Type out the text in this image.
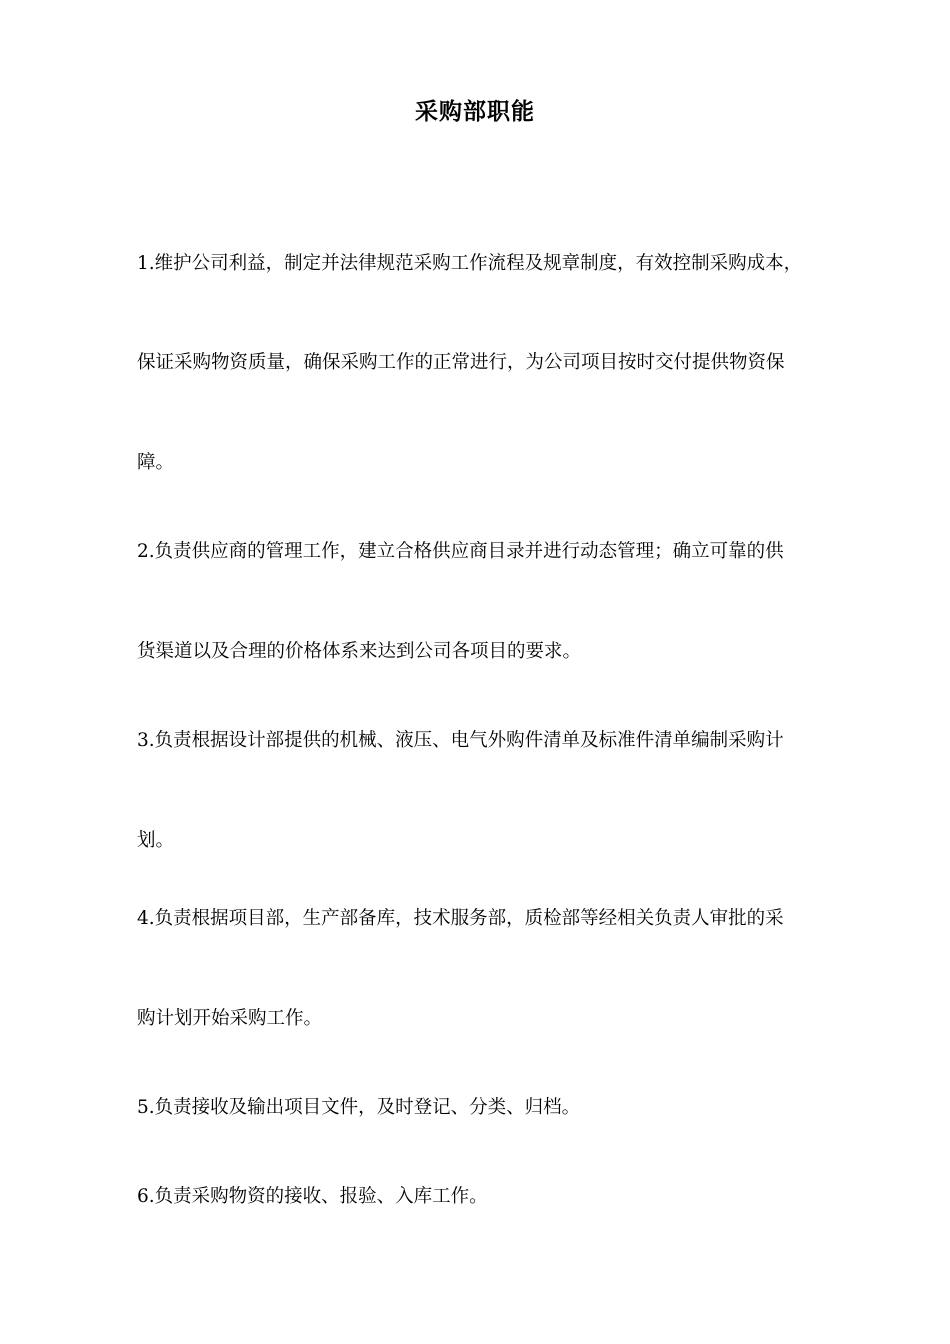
采购部职能
1.维护公司利益，制定并法律规范采购工作流程及规章制度，有效控制采购成本，
保证采购物资质量，确保采购工作的正常进行，为公司项目按时交付提供物资保
障。
2.负责供应商的管理工作，建立合格供应商目录并进行动态管理；确立可靠的供
货渠道以及合理的价格体系来达到公司各项目的要求。
3.负责根据设计部提供的机械、液压、电气外购件清单及标准件清单编制采购计
划。
4.负责根据项目部，生产部备库，技术服务部，质检部等经相关负责人审批的采
购计划开始采购工作。
5.负责接收及输出项目文件，及时登记、分类、归档。
6.负责采购物资的接收、报验、入库工作。
